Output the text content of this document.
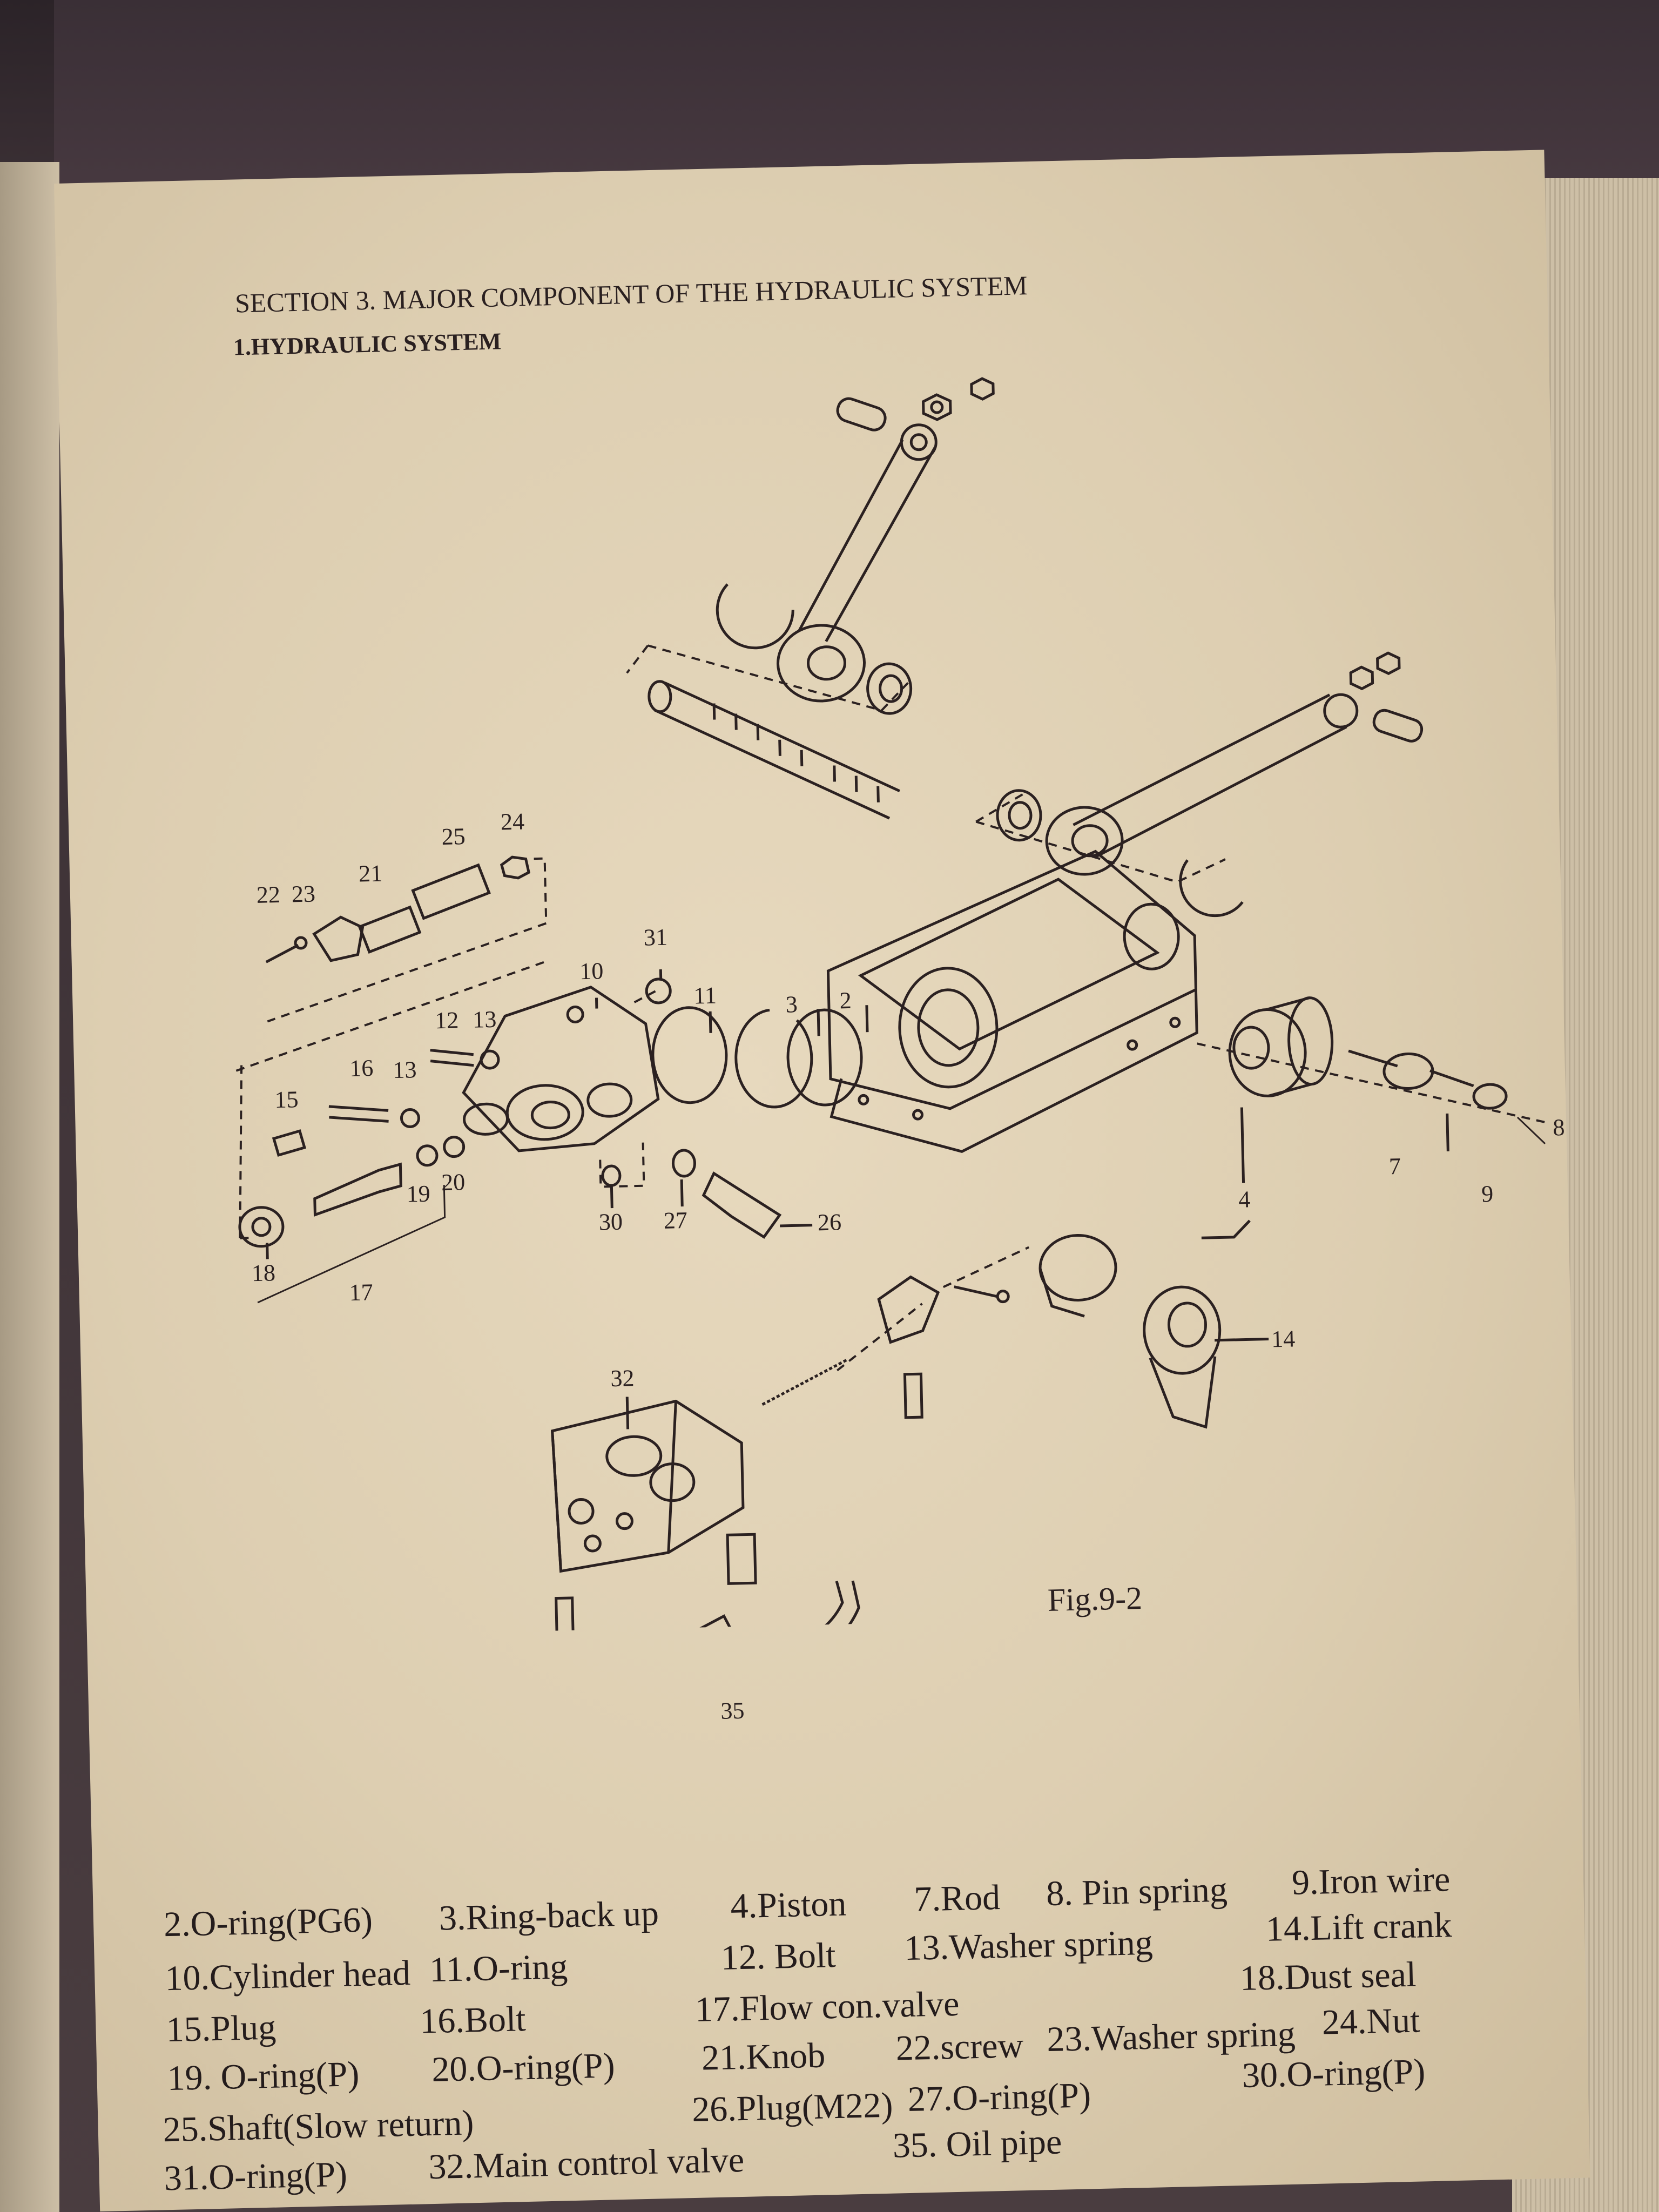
SECTION 3. MAJOR COMPONENT OF THE HYDRAULIC SYSTEM
1.HYDRAULIC SYSTEM
2
3
11
10
31
12 13
16 13
15
19 20
18
17
30 27	26
22 23
21
25
24
4
7
8
9
14
32
35
Fig.9-2
2.O-ring(PG6) 3.Ring-back up 4.Piston 7.Rod 8. Pin spring 9.Iron wire
10.Cylinder head 11.O-ring	12. Bolt 13.Washer spring	14.Lift crank
15.Plug	16.Bolt	17.Flow con.valve
18.Dust seal
19. O-ring(P) 20.O-ring(P) 21.Knob 22.screw 23.Washer spring 24.Nut
25.Shaft(Slow return)	26.Plug(M22) 27.O-ring(P)
30.O-ring(P)
31.O-ring(P) 32.Main control valve	35. Oil pipe
